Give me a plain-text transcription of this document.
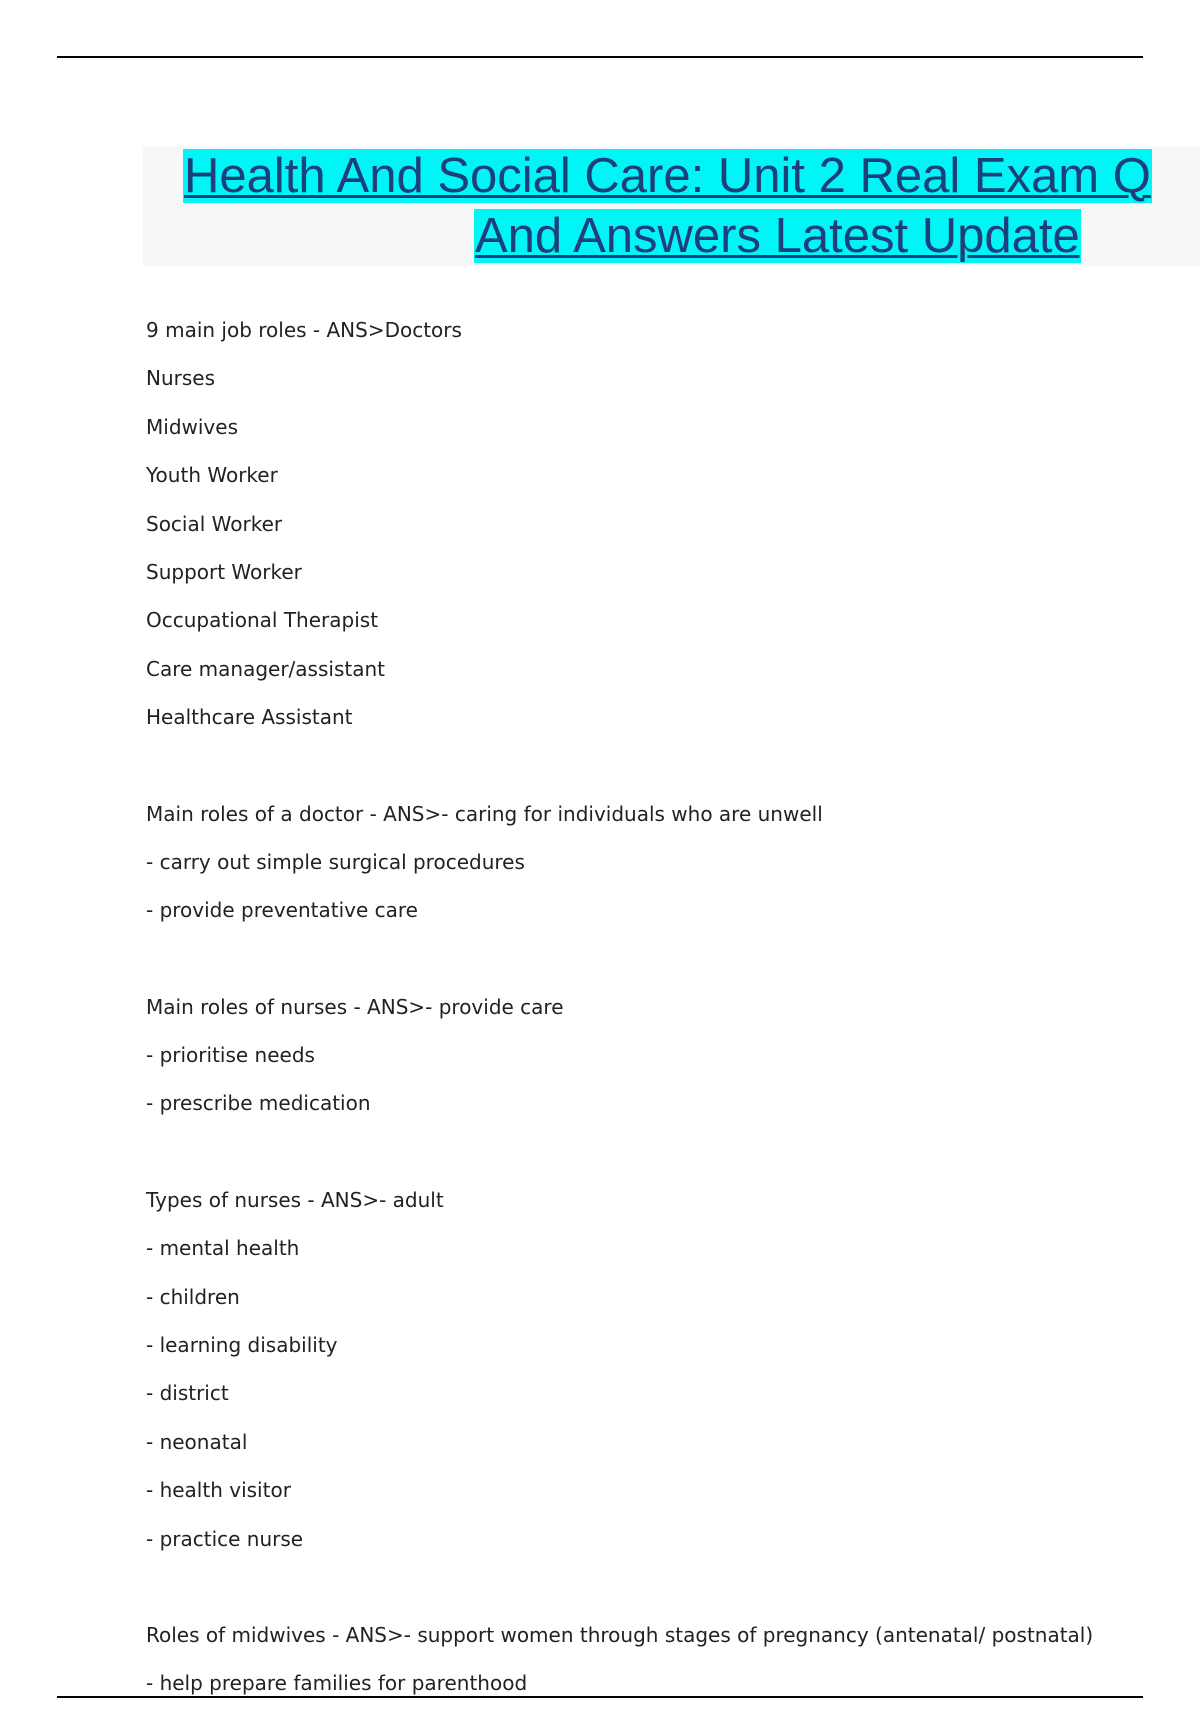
Health And Social Care: Unit 2 Real Exam Q
And Answers Latest Update
9 main job roles - ANS>Doctors
Nurses
Midwives
Youth Worker
Social Worker
Support Worker
Occupational Therapist
Care manager/assistant
Healthcare Assistant
Main roles of a doctor - ANS>- caring for individuals who are unwell
- carry out simple surgical procedures
- provide preventative care
Main roles of nurses - ANS>- provide care
- prioritise needs
- prescribe medication
Types of nurses - ANS>- adult
- mental health
- children
- learning disability
- district
- neonatal
- health visitor
- practice nurse
Roles of midwives - ANS>- support women through stages of pregnancy (antenatal/ postnatal)
- help prepare families for parenthood
